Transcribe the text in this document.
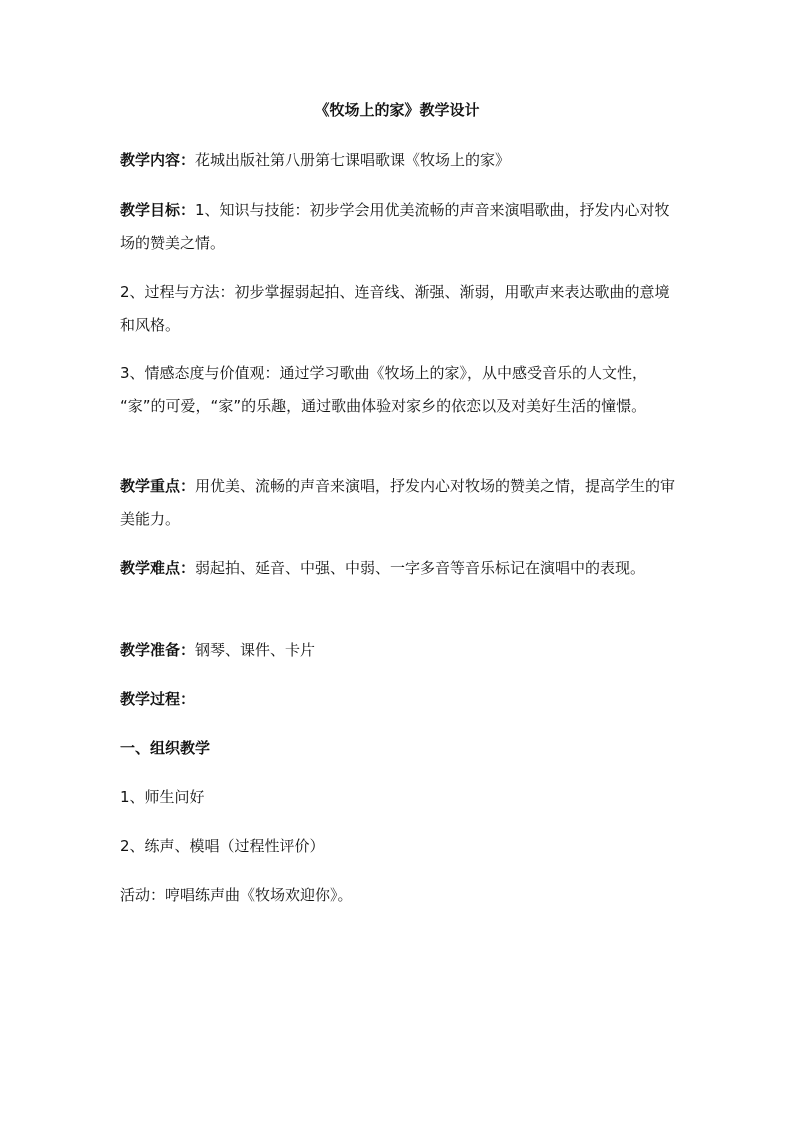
《牧场上的家》教学设计
教学内容：花城出版社第八册第七课唱歌课《牧场上的家》
教学目标：1、知识与技能：初步学会用优美流畅的声音来演唱歌曲，抒发内心对牧场的赞美之情。
2、过程与方法：初步掌握弱起拍、连音线、渐强、渐弱，用歌声来表达歌曲的意境和风格。
3、情感态度与价值观：通过学习歌曲《牧场上的家》，从中感受音乐的人文性， “家”的可爱，“家”的乐趣，通过歌曲体验对家乡的依恋以及对美好生活的憧憬。
教学重点：用优美、流畅的声音来演唱，抒发内心对牧场的赞美之情，提高学生的审美能力。
教学难点：弱起拍、延音、中强、中弱、一字多音等音乐标记在演唱中的表现。
教学准备：钢琴、课件、卡片
教学过程：
一、组织教学
1、师生问好
2、练声、模唱（过程性评价）
活动：哼唱练声曲《牧场欢迎你》。
